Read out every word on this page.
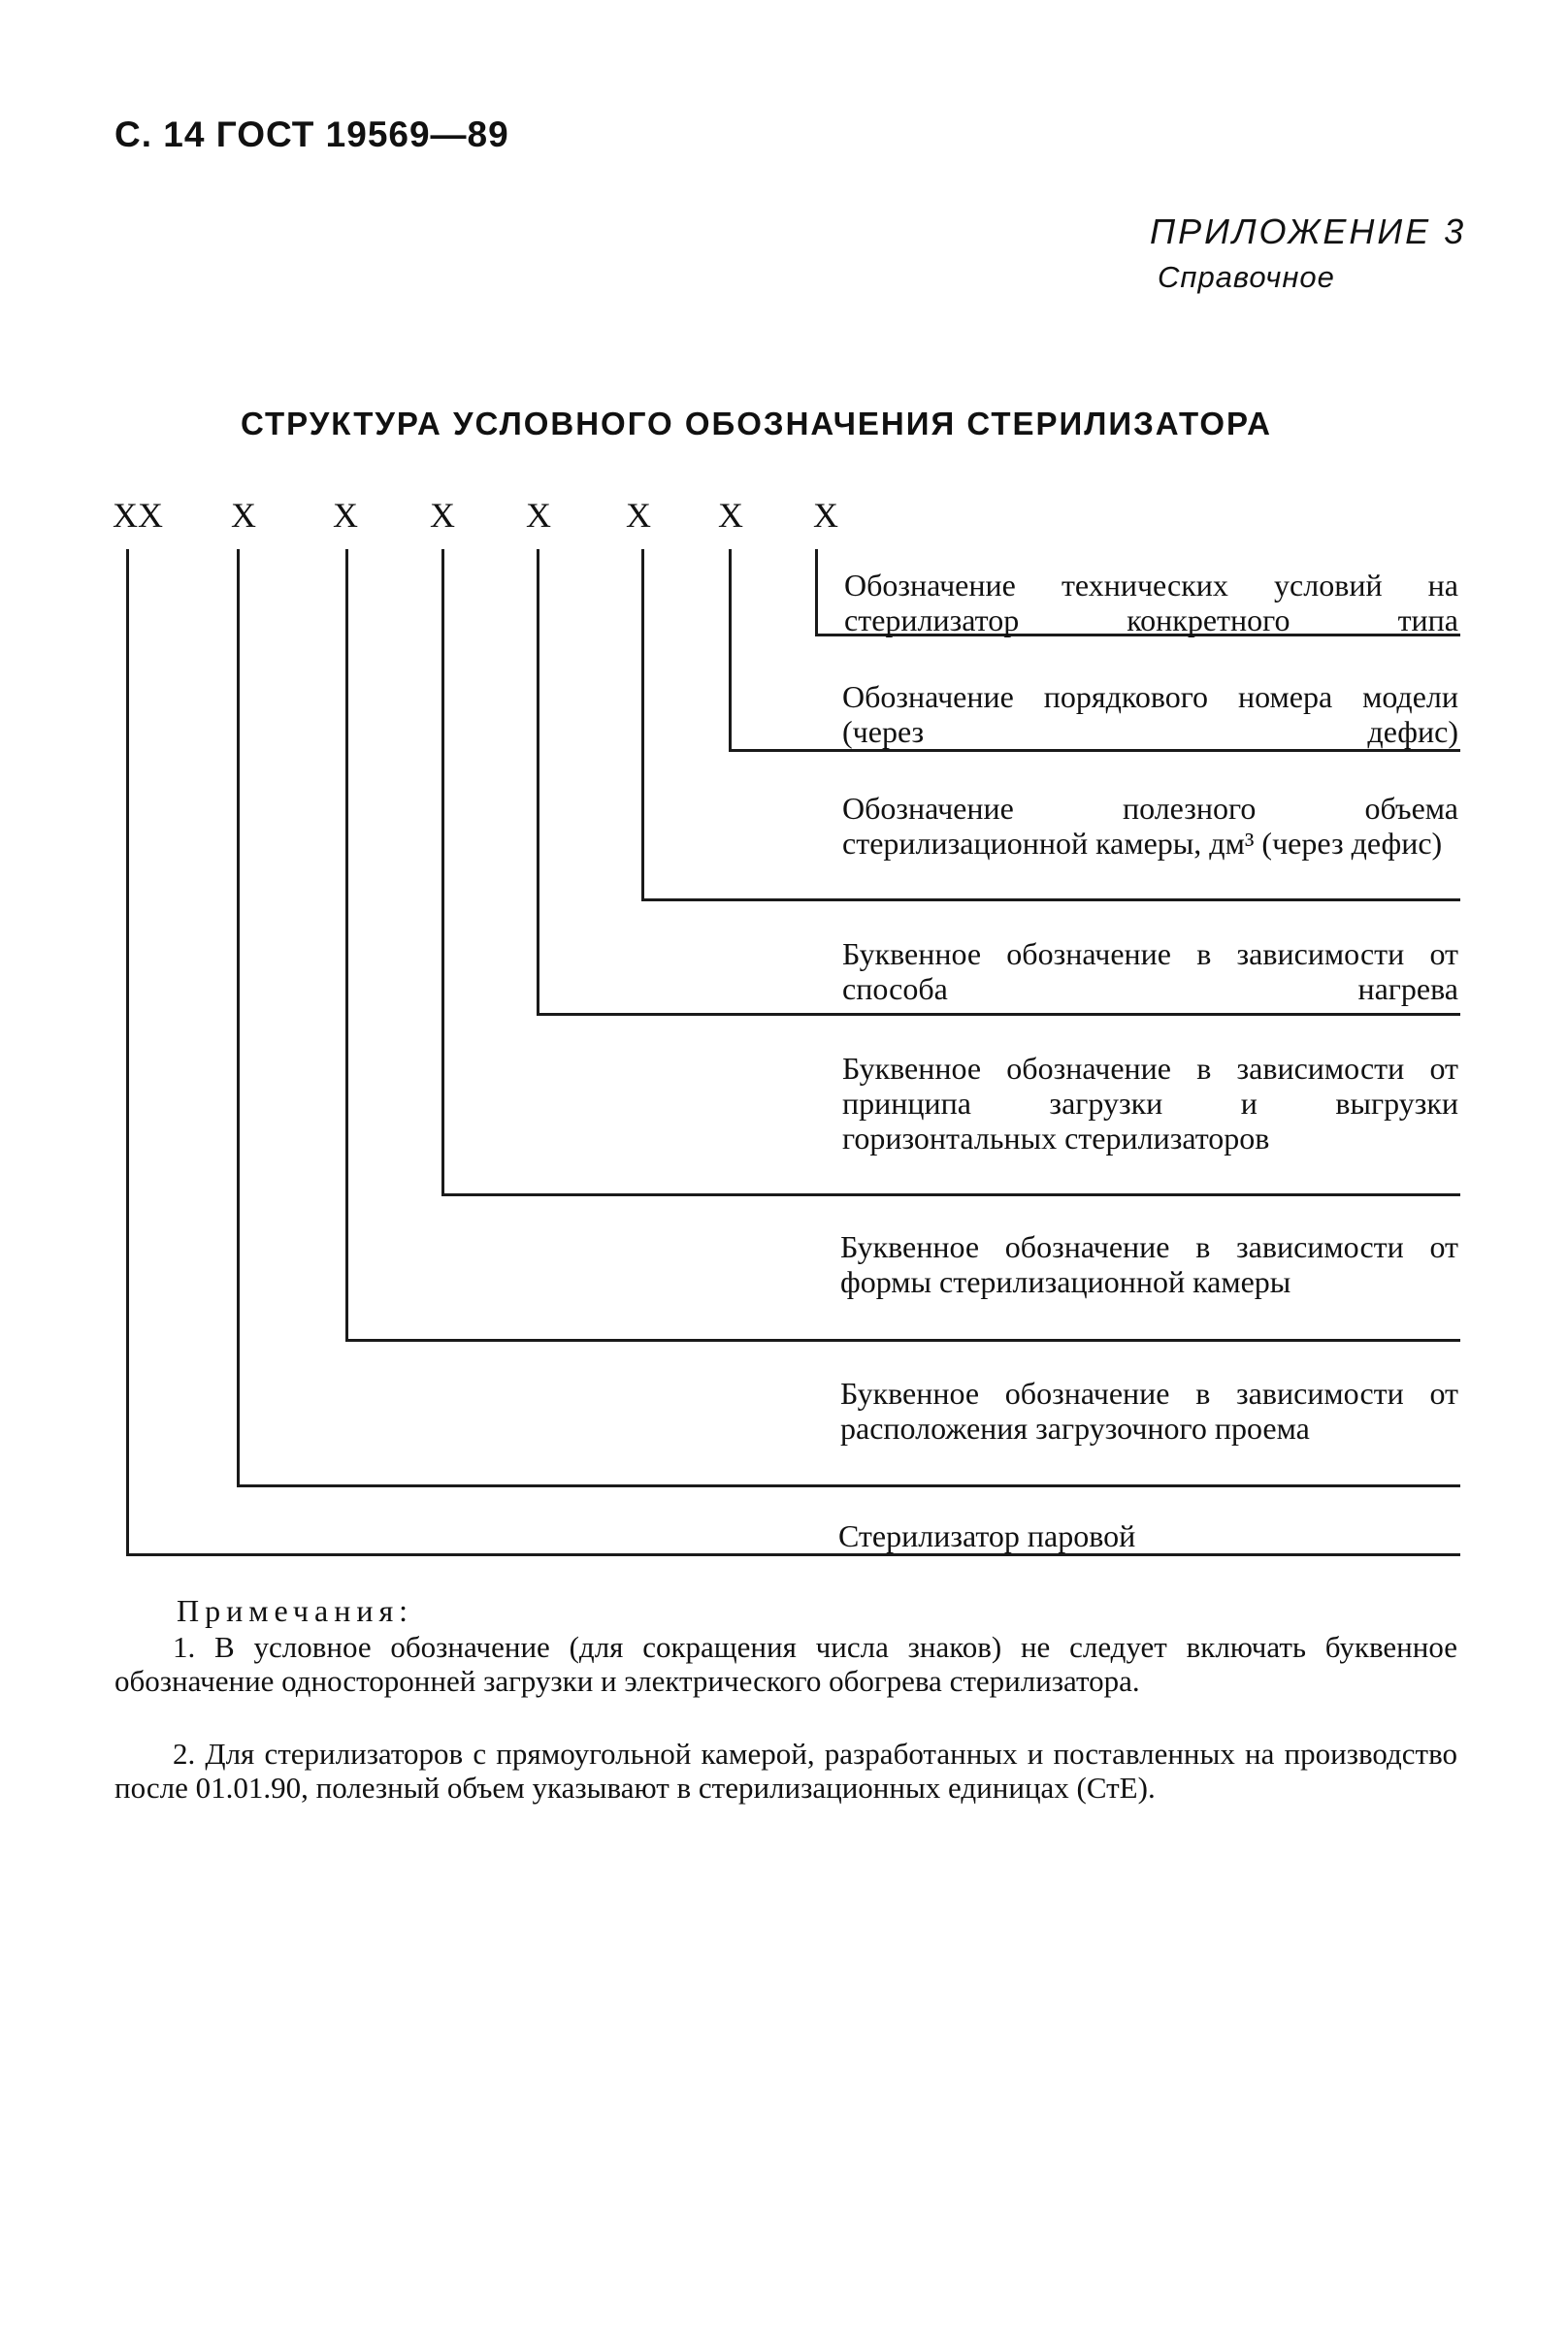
С. 14 ГОСТ 19569—89
ПРИЛОЖЕНИЕ 3
Справочное
СТРУКТУРА УСЛОВНОГО ОБОЗНАЧЕНИЯ СТЕРИЛИЗАТОРА
XX X X X X X X X
Обозначение технических условий на стерилизатор конкретного типа
Обозначение порядкового номера модели (через дефис)
Обозначение полезного объема стерилизационной камеры, дм³ (через дефис)
Буквенное обозначение в зависимости от способа нагрева
Буквенное обозначение в зависимости от принципа загрузки и выгрузки горизонтальных стерилизаторов
Буквенное обозначение в зависимости от формы стерилизационной камеры
Буквенное обозначение в зависимости от расположения загрузочного проема
Стерилизатор паровой
Примечания:
1. В условное обозначение (для сокращения числа знаков) не следует включать буквенное обозначение односторонней загрузки и электрического обогрева стерилизатора.
2. Для стерилизаторов с прямоугольной камерой, разработанных и поставленных на производство после 01.01.90, полезный объем указывают в стерилизационных единицах (СтЕ).
